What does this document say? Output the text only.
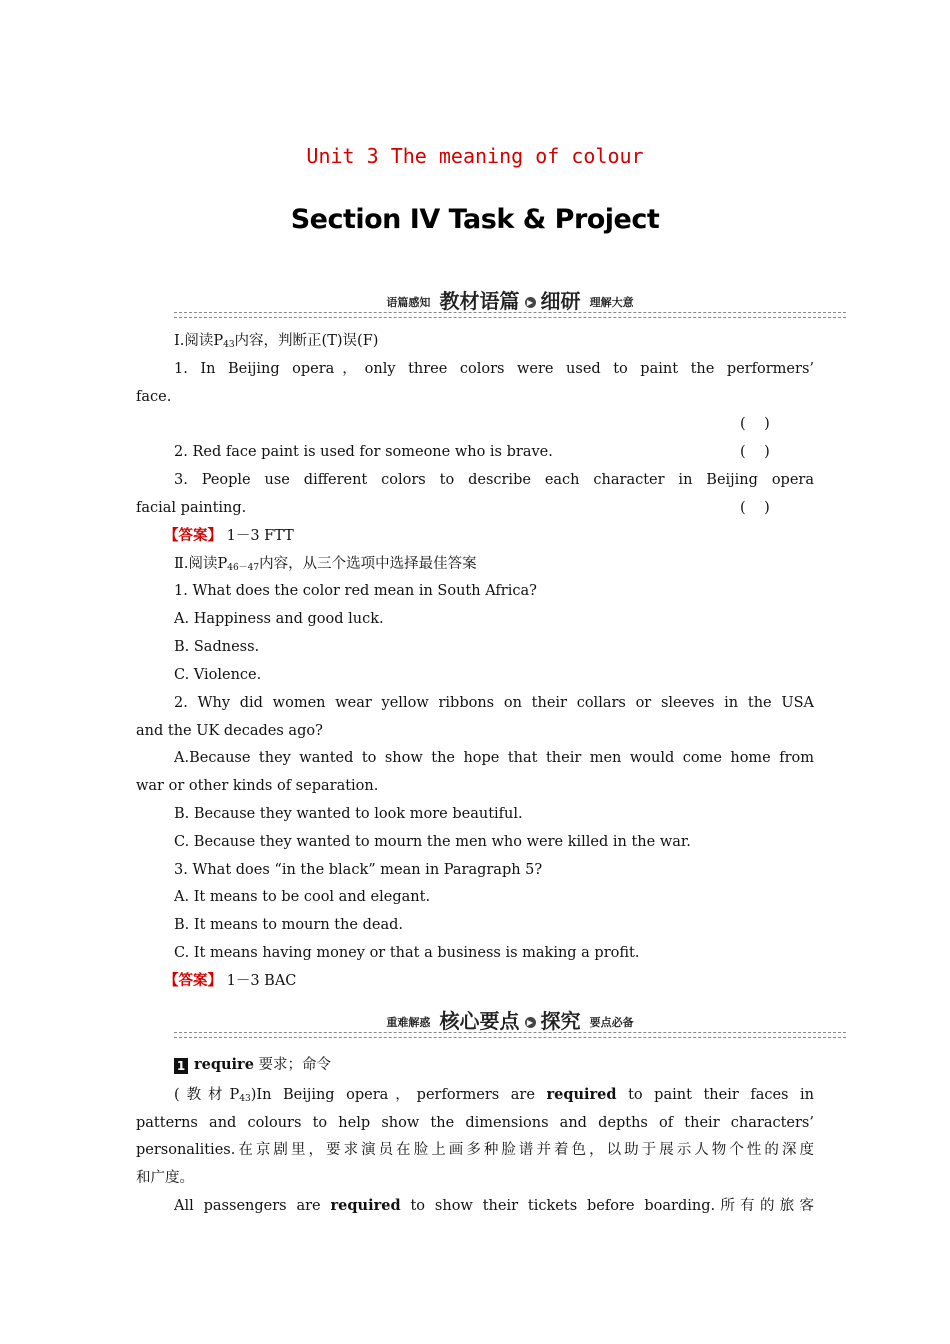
Unit 3 The meaning of colour
Section IV Task & Project
语篇感知 教材语篇 ▶ 细研 理解大意
Ⅰ.阅读$P_{43}$内容，判断正(T)误(F)
1. In Beijing opera，only three colors were used to paint the performers’
face.
(    )
2. Red face paint is used for someone who is brave.	(    )
3. People use different colors to describe each character in Beijing opera
facial painting.	(    )
【答案】 1－3 FTT
Ⅱ.阅读$P_{46-47}$内容，从三个选项中选择最佳答案
1. What does the color red mean in South Africa?
A. Happiness and good luck.
B. Sadness.
C. Violence.
2. Why did women wear yellow ribbons on their collars or sleeves in the USA
and the UK decades ago?
A.Because they wanted to show the hope that their men would come home from
war or other kinds of separation.
B. Because they wanted to look more beautiful.
C. Because they wanted to mourn the men who were killed in the war.
3. What does “in the black” mean in Paragraph 5?
A. It means to be cool and elegant.
B. It means to mourn the dead.
C. It means having money or that a business is making a profit.
【答案】 1－3 BAC
重难解惑 核心要点 ▶ 探究 要点必备
1 require 要求；命令
(教材$P_{43})In$ Beijing opera，performers are required to paint their faces in
patterns and colours to help show the dimensions and depths of their characters’
personalities.在京剧里，要求演员在脸上画多种脸谱并着色，以助于展示人物个性的深度
和广度。
All passengers are required to show their tickets before boarding.所有的旅客
